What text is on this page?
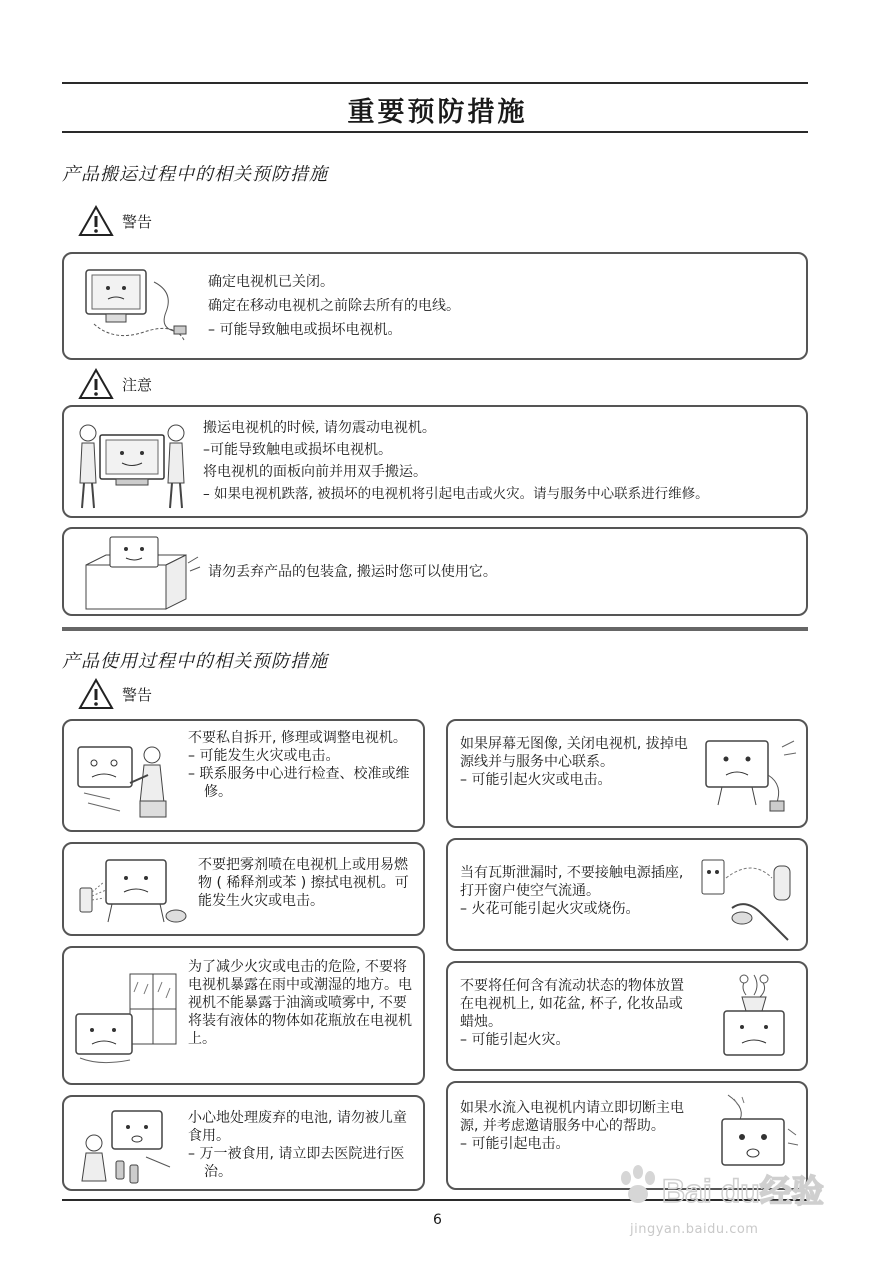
重要预防措施
产品搬运过程中的相关预防措施
警告
确定电视机已关闭。
确定在移动电视机之前除去所有的电线。
– 可能导致触电或损坏电视机。
注意
搬运电视机的时候, 请勿震动电视机。
–可能导致触电或损坏电视机。
将电视机的面板向前并用双手搬运。
– 如果电视机跌落, 被损坏的电视机将引起电击或火灾。请与服务中心联系进行维修。
请勿丢弃产品的包装盒, 搬运时您可以使用它。
产品使用过程中的相关预防措施
警告
不要私自拆开, 修理或调整电视机。
– 可能发生火灾或电击。
– 联系服务中心进行检查、校准或维修。
不要把雾剂喷在电视机上或用易燃物 ( 稀释剂或苯 ) 擦拭电视机。可能发生火灾或电击。
为了减少火灾或电击的危险, 不要将电视机暴露在雨中或潮湿的地方。电视机不能暴露于油滴或喷雾中, 不要将装有液体的物体如花瓶放在电视机上。
小心地处理废弃的电池, 请勿被儿童食用。
– 万一被食用, 请立即去医院进行医治。
如果屏幕无图像, 关闭电视机, 拔掉电源线并与服务中心联系。
– 可能引起火灾或电击。
当有瓦斯泄漏时, 不要接触电源插座, 打开窗户使空气流通。
– 火花可能引起火灾或烧伤。
不要将任何含有流动状态的物体放置在电视机上, 如花盆, 杯子, 化妆品或蜡烛。
– 可能引起火灾。
如果水流入电视机内请立即切断主电源, 并考虑邀请服务中心的帮助。
– 可能引起电击。
6
Bai du经验
jingyan.baidu.com
